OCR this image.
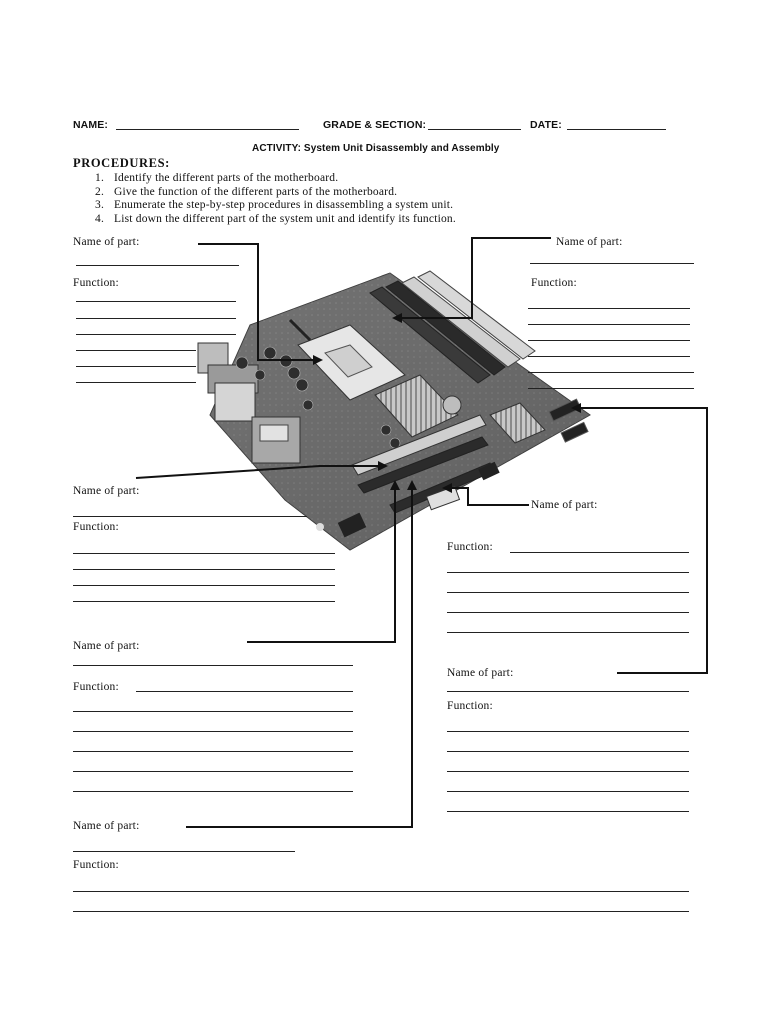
NAME:	GRADE & SECTION:	DATE:
ACTIVITY: System Unit Disassembly and Assembly
PROCEDURES:
1. Identify the different parts of the motherboard.
2. Give the function of the different parts of the motherboard.
3. Enumerate the step-by-step procedures in disassembling a system unit.
4. List down the different part of the system unit and identify its function.
Name of part:
Function:
Name of part:
Function:
Name of part:
Function:
Name of part:
Function:
Name of part:
Function:
Name of part:
Function:
Name of part:
Function:
